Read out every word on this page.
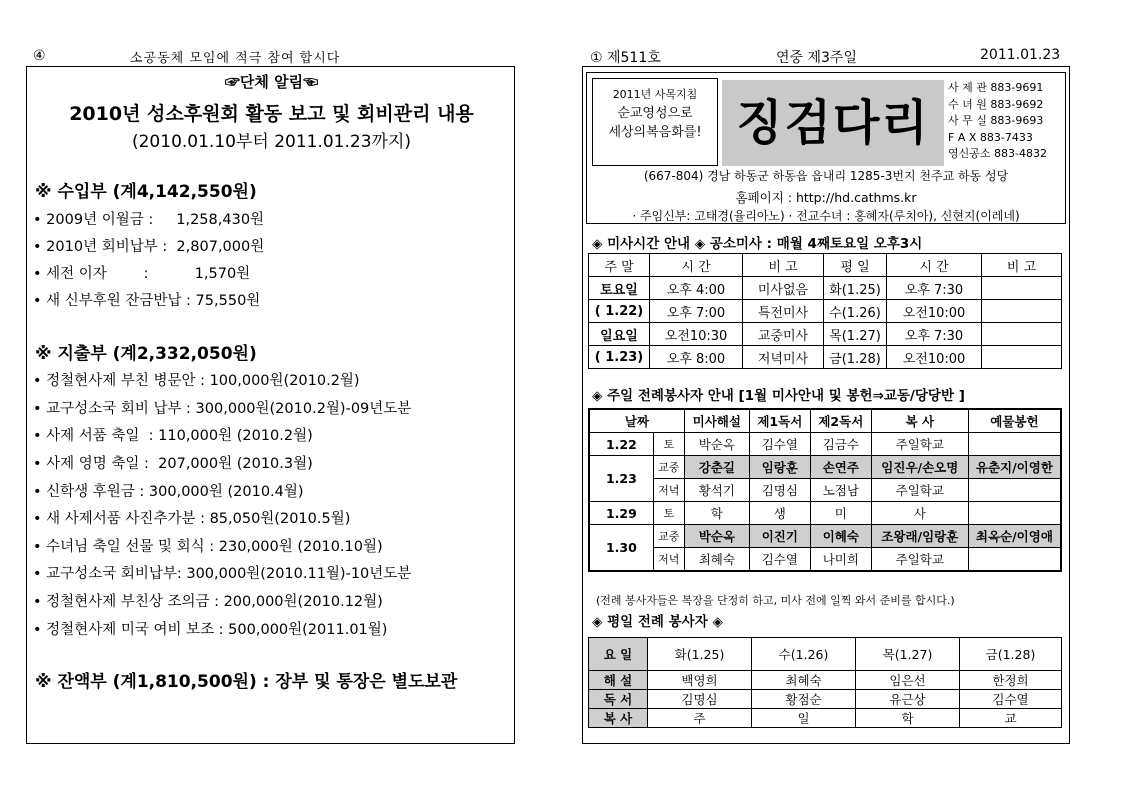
④	소공동체 모임에 적극 참여 합시다
☞단체 알림☜
2010년 성소후원회 활동 보고 및 회비관리 내용
(2010.01.10부터 2011.01.23까지)
※ 수입부 (계4,142,550원)
• 2009년 이월금 :     1,258,430원
• 2010년 회비납부 :  2,807,000원
• 세전 이자        :          1,570원
• 새 신부후원 잔금반납 : 75,550원
※ 지출부 (계2,332,050원)
• 정철현사제 부친 병문안 : 100,000원(2010.2월)
• 교구성소국 회비 납부 : 300,000원(2010.2월)-09년도분
• 사제 서품 축일  : 110,000원 (2010.2월)
• 사제 영명 축일 :  207,000원 (2010.3월)
• 신학생 후원금 : 300,000원 (2010.4월)
• 새 사제서품 사진추가분 : 85,050원(2010.5월)
• 수녀님 축일 선물 및 회식 : 230,000원 (2010.10월)
• 교구성소국 회비납부: 300,000원(2010.11월)-10년도분
• 정철현사제 부친상 조의금 : 200,000원(2010.12월)
• 정철현사제 미국 여비 보조 : 500,000원(2011.01월)
※ 잔액부 (계1,810,500원) : 장부 및 통장은 별도보관
① 제511호	연중 제3주일	2011.01.23
2011년 사목지침
순교영성으로
세상의복음화를! 징검다리
사 제 관 883-9691
수 녀 원 883-9692
사 무 실 883-9693
F A X 883-7433
영신공소 883-4832
(667-804) 경남 하동군 하동읍 읍내리 1285-3번지 천주교 하동 성당
홈페이지 : http://hd.cathms.kr
· 주임신부: 고태경(율리아노) · 전교수녀 : 홍혜자(루치아), 신현지(이레네)
◈ 미사시간 안내 ◈ 공소미사 : 매월 4째토요일 오후3시
주 말	시 간	비 고	평 일	시 간	비 고
토요일	오후 4:00	미사없음	화(1.25)	오후 7:30	
( 1.22)	오후 7:00	특전미사	수(1.26)	오전10:00	
일요일	오전10:30	교중미사	목(1.27)	오후 7:30	
( 1.23)	오후 8:00	저녁미사	금(1.28)	오전10:00	
◈ 주일 전례봉사자 안내 [1월 미사안내 및 봉헌⇒교동/당당반 ]
날짜		미사해설	제1독서	제2독서	복 사	예물봉헌
1.22	토	박순옥	김수열	김금수	주일학교	
1.23	교중	강춘길	임랑훈	손연주	임진우/손오명	유춘지/이영한
	저녁	황석기	김명심	노점남	주일학교	
1.29	토	학	생	미	사	
1.30	교중	박순옥	이진기	이혜숙	조왕래/임랑훈	최옥순/이영애
	저녁	최혜숙	김수열	나미희	주일학교	
(전례 봉사자들은 복장을 단정히 하고, 미사 전에 일찍 와서 준비를 합시다.)
◈ 평일 전례 봉사자 ◈
요 일	화(1.25)	수(1.26)	목(1.27)	금(1.28)
해 설	백영희	최혜숙	임은선	한정희
독 서	김명심	황점순	유근상	김수열
복 사	주	일	학	교
